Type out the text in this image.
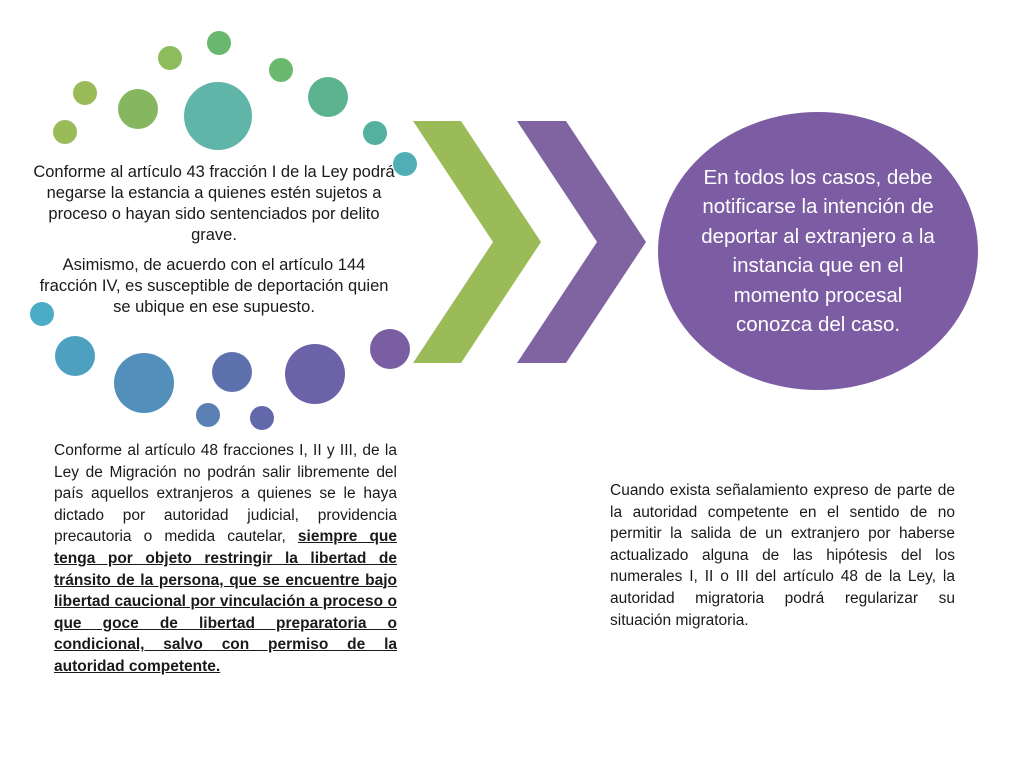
Conforme al artículo 43 fracción I de la Ley podrá negarse la estancia a quienes estén sujetos a proceso o hayan sido sentenciados por delito grave.

Asimismo, de acuerdo con el artículo 144 fracción IV, es susceptible de deportación quien se ubique en ese supuesto.

En todos los casos, debe notificarse la intención de deportar al extranjero a la instancia que en el momento procesal conozca del caso.
Conforme al artículo 48 fracciones I, II y III, de la Ley de Migración no podrán salir libremente del país aquellos extranjeros a quienes se le haya dictado por autoridad judicial, providencia precautoria o medida cautelar, siempre que tenga por objeto restringir la libertad de tránsito de la persona, que se encuentre bajo libertad caucional por vinculación a proceso o que goce de libertad preparatoria o condicional, salvo con permiso de la autoridad competente.
Cuando exista señalamiento expreso de parte de la autoridad competente en el sentido de no permitir la salida de un extranjero por haberse actualizado alguna de las hipótesis del los numerales I, II o III del artículo 48 de la Ley, la autoridad migratoria podrá regularizar su situación migratoria.
